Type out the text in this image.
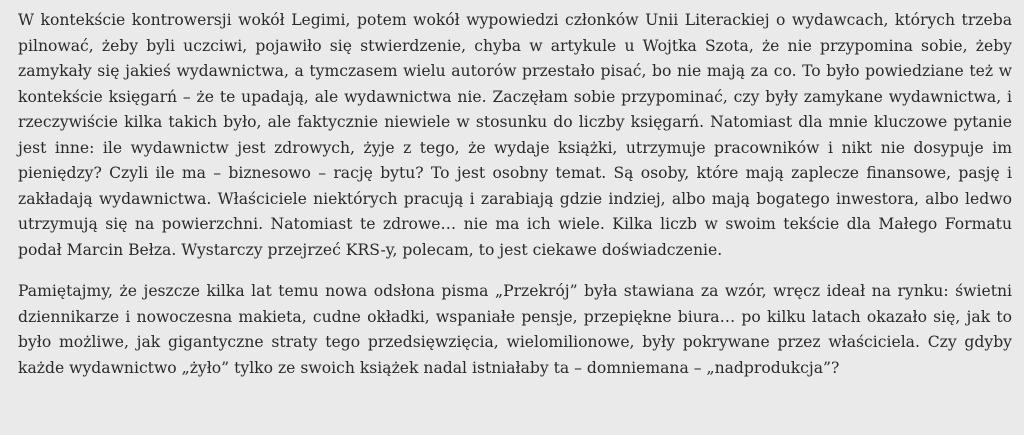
W kontekście kontrowersji wokół Legimi, potem wokół wypowiedzi członków Unii Literackiej o wydawcach, których trzeba pilnować, żeby byli uczciwi, pojawiło się stwierdzenie, chyba w artykule u Wojtka Szota, że nie przypomina sobie, żeby zamykały się jakieś wydawnictwa, a tymczasem wielu autorów przestało pisać, bo nie mają za co. To było powiedziane też w kontekście księgarń – że te upadają, ale wydawnictwa nie. Zaczęłam sobie przypominać, czy były zamykane wydawnictwa, i rzeczywiście kilka takich było, ale faktycznie niewiele w stosunku do liczby księgarń. Natomiast dla mnie kluczowe pytanie jest inne: ile wydawnictw jest zdrowych, żyje z tego, że wydaje książki, utrzymuje pracowników i nikt nie dosypuje im pieniędzy? Czyli ile ma – biznesowo – rację bytu? To jest osobny temat. Są osoby, które mają zaplecze finansowe, pasję i zakładają wydawnictwa. Właściciele niektórych pracują i zarabiają gdzie indziej, albo mają bogatego inwestora, albo ledwo utrzymują się na powierzchni. Natomiast te zdrowe… nie ma ich wiele. Kilka liczb w swoim tekście dla Małego Formatu podał Marcin Bełza. Wystarczy przejrzeć KRS-y, polecam, to jest ciekawe doświadczenie.

Pamiętajmy, że jeszcze kilka lat temu nowa odsłona pisma „Przekrój” była stawiana za wzór, wręcz ideał na rynku: świetni dziennikarze i nowoczesna makieta, cudne okładki, wspaniałe pensje, przepiękne biura… po kilku latach okazało się, jak to było możliwe, jak gigantyczne straty tego przedsięwzięcia, wielomilionowe, były pokrywane przez właściciela. Czy gdyby każde wydawnictwo „żyło” tylko ze swoich książek nadal istniałaby ta – domniemana – „nadprodukcja”?
